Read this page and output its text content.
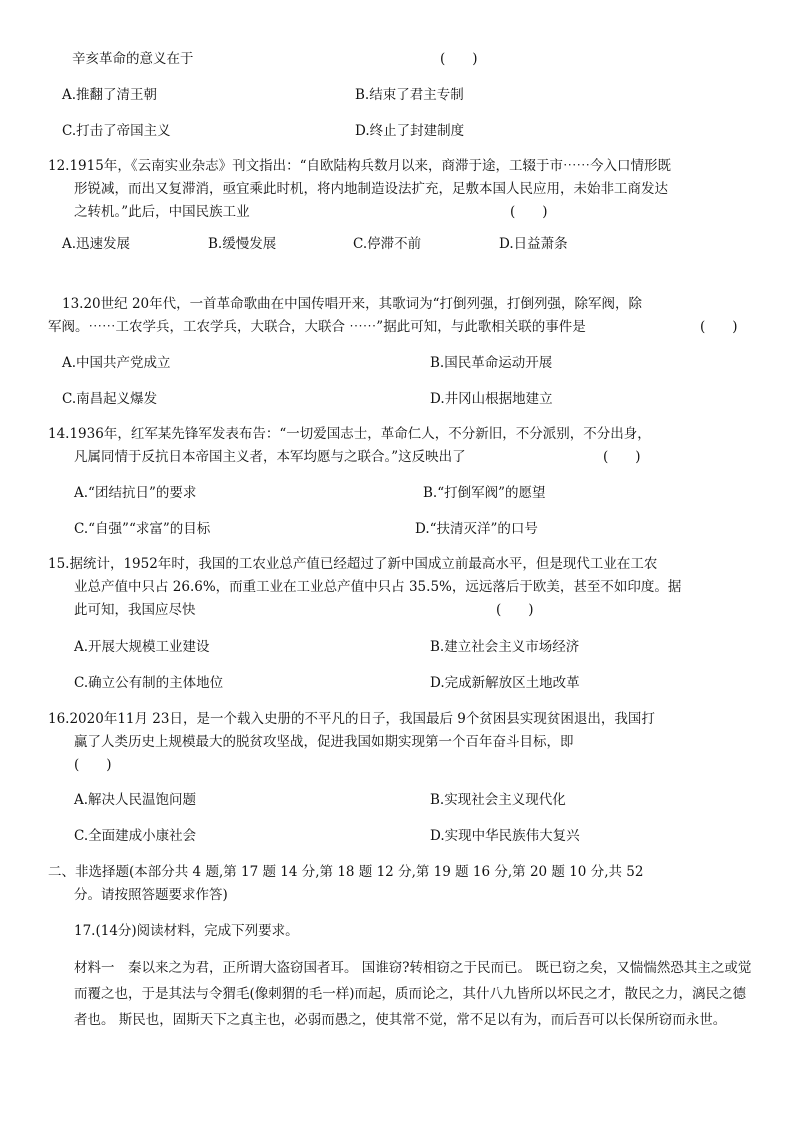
辛亥革命的意义在于	(　　)
A.推翻了清王朝	B.结束了君主专制
C.打击了帝国主义	D.终止了封建制度
12.1915年，《云南实业杂志》刊文指出：“自欧陆构兵数月以来，商滞于途，工辍于市⋯⋯今入口情形既
形锐减，而出又复滞消，亟宜乘此时机，将内地制造设法扩充，足敷本国人民应用，未始非工商发达
之转机。”此后，中国民族工业	(　　)
A.迅速发展	B.缓慢发展	C.停滞不前	D.日益萧条
13.20世纪 20年代，一首革命歌曲在中国传唱开来，其歌词为“打倒列强，打倒列强，除军阀，除
军阀。⋯⋯工农学兵，工农学兵，大联合，大联合 ⋯⋯”据此可知，与此歌相关联的事件是	(　　)
A.中国共产党成立	B.国民革命运动开展
C.南昌起义爆发	D.井冈山根据地建立
14.1936年，红军某先锋军发表布告：“一切爱国志士，革命仁人，不分新旧，不分派别，不分出身，
凡属同情于反抗日本帝国主义者，本军均愿与之联合。”这反映出了	(　　)
A.“团结抗日”的要求	B.“打倒军阀”的愿望
C.“自强”“求富”的目标	D.“扶清灭洋”的口号
15.据统计，1952年时，我国的工农业总产值已经超过了新中国成立前最高水平，但是现代工业在工农
业总产值中只占 26.6%，而重工业在工业总产值中只占 35.5%，远远落后于欧美，甚至不如印度。据
此可知，我国应尽快	(　　)
A.开展大规模工业建设	B.建立社会主义市场经济
C.确立公有制的主体地位	D.完成新解放区土地改革
16.2020年11月 23日，是一个载入史册的不平凡的日子，我国最后 9个贫困县实现贫困退出，我国打
赢了人类历史上规模最大的脱贫攻坚战，促进我国如期实现第一个百年奋斗目标，即
(　　)
A.解决人民温饱问题	B.实现社会主义现代化
C.全面建成小康社会	D.实现中华民族伟大复兴
二、非选择题(本部分共 4 题,第 17 题 14 分,第 18 题 12 分,第 19 题 16 分,第 20 题 10 分,共 52
分。请按照答题要求作答)
17.(14分)阅读材料，完成下列要求。
材料一　秦以来之为君，正所谓大盗窃国者耳。 国谁窃?转相窃之于民而已。 既已窃之矣，又惴惴然恐其主之或觉而覆之也，于是其法与令猬毛(像刺猬的毛一样)而起，质而论之，其什八九皆所以坏民之才，散民之力，漓民之德者也。 斯民也，固斯天下之真主也，必弱而愚之，使其常不觉，常不足以有为，而后吾可以长保所窃而永世。
